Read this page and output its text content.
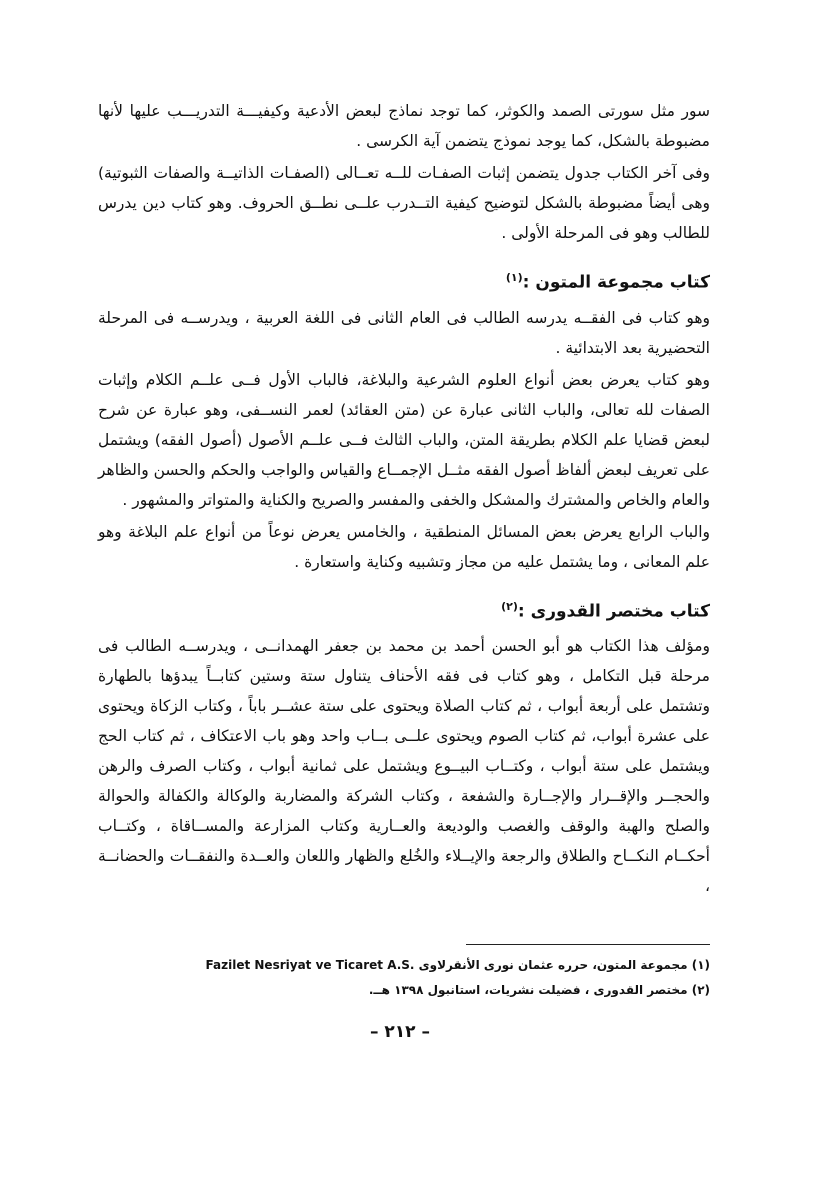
سور مثل سورتى الصمد والكوثر، كما توجد نماذج لبعض الأدعية وكيفيـــة التدريـــب عليها لأنها مضبوطة بالشكل، كما يوجد نموذج يتضمن آية الكرسى .

وفى آخر الكتاب جدول يتضمن إثبات الصفـات للــه تعــالى (الصفـات الذاتيــة والصفات الثبوتية) وهى أيضاً مضبوطة بالشكل لتوضيح كيفية التــدرب علــى نطــق الحروف. وهو كتاب دين يدرس للطالب وهو فى المرحلة الأولى .

كتاب مجموعة المتون :$^{(١)}$

وهو كتاب فى الفقــه يدرسه الطالب فى العام الثانى فى اللغة العربية ، ويدرســه فى المرحلة التحضيرية بعد الابتدائية .

وهو كتاب يعرض بعض أنواع العلوم الشرعية والبلاغة، فالباب الأول فــى علــم الكلام وإثبات الصفات لله تعالى، والباب الثانى عبارة عن (متن العقائد) لعمر النســفى، وهو عبارة عن شرح لبعض قضايا علم الكلام بطريقة المتن، والباب الثالث فــى علــم الأصول (أصول الفقه) ويشتمل على تعريف لبعض ألفاظ أصول الفقه مثــل الإجمــاع والقياس والواجب والحكم والحسن والظاهر والعام والخاص والمشترك والمشكل والخفى والمفسر والصريح والكناية والمتواتر والمشهور .

والباب الرابع يعرض بعض المسائل المنطقية ، والخامس يعرض نوعاً من أنواع علم البلاغة وهو علم المعانى ، وما يشتمل عليه من مجاز وتشبيه وكناية واستعارة .

كتاب مختصر القدورى :$^{(٢)}$

ومؤلف هذا الكتاب هو أبو الحسن أحمد بن محمد بن جعفر الهمدانــى ، ويدرســه الطالب فى مرحلة قبل التكامل ، وهو كتاب فى فقه الأحناف يتناول ستة وستين كتابــاً يبدؤها بالطهارة وتشتمل على أربعة أبواب ، ثم كتاب الصلاة ويحتوى على ستة عشــر باباً ، وكتاب الزكاة ويحتوى على عشرة أبواب، ثم كتاب الصوم ويحتوى علــى بــاب واحد وهو باب الاعتكاف ، ثم كتاب الحج ويشتمل على ستة أبواب ، وكتــاب البيــوع ويشتمل على ثمانية أبواب ، وكتاب الصرف والرهن والحجــر والإقــرار والإجــارة والشفعة ، وكتاب الشركة والمضاربة والوكالة والكفالة والحوالة والصلح والهبة والوقف والغصب والوديعة والعــارية وكتاب المزارعة والمســاقاة ، وكتــاب أحكــام النكــاح والطلاق والرجعة والإيــلاء والخُلع والظهار واللعان والعــدة والنفقــات والحضانــة ،

(١) مجموعة المتون، حرره عثمان نورى الأنقرلاوى .Fazilet Nesriyat ve Ticaret A.S

(٢) مختصر القدورى ، فضيلت نشريات، استانبول ١٣٩٨ هــ.

– ٢١٢ –
